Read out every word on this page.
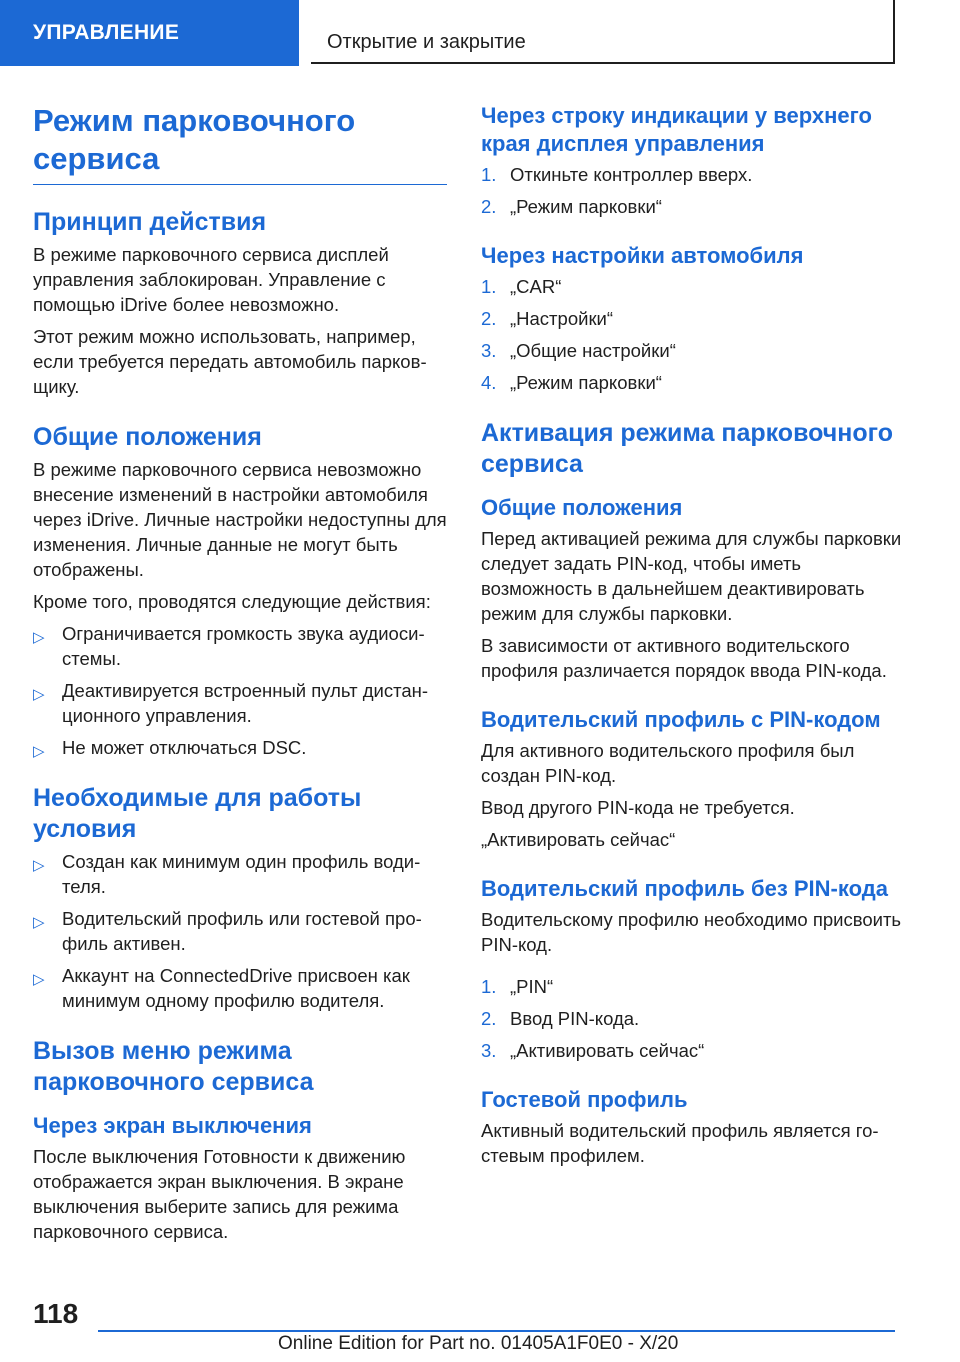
УПРАВЛЕНИЕ	Открытие и закрытие
Режим парковочного сервиса
Принцип действия

В режиме парковочного сервиса дисплей управления заблокирован. Управление с помощью iDrive более невозможно.

Этот режим можно использовать, например, если требуется передать автомобиль парковщику.

Общие положения

В режиме парковочного сервиса невозможно внесение изменений в настройки автомобиля через iDrive. Личные настройки недоступны для изменения. Личные данные не могут быть отображены.

Кроме того, проводятся следующие действия:

▷ Ограничивается громкость звука аудиосистемы.
▷ Деактивируется встроенный пульт дистанционного управления.
▷ Не может отключаться DSC.
Необходимые для работы условия
▷ Создан как минимум один профиль водителя.
▷ Водительский профиль или гостевой профиль активен.
▷ Аккаунт на ConnectedDrive присвоен как минимум одному профилю водителя.
Вызов меню режима парковочного сервиса
Через экран выключения

После выключения Готовности к движению отображается экран выключения. В экране выключения выберите запись для режима парковочного сервиса.

Через строку индикации у верхнего края дисплея управления
1. Откиньте контроллер вверх.
2. „Режим парковки“
Через настройки автомобиля
1. „CAR“
2. „Настройки“
3. „Общие настройки“
4. „Режим парковки“
Активация режима парковочного сервиса
Общие положения

Перед активацией режима для службы парковки следует задать PIN-код, чтобы иметь возможность в дальнейшем деактивировать режим для службы парковки.

В зависимости от активного водительского профиля различается порядок ввода PIN-кода.

Водительский профиль с PIN-кодом

Для активного водительского профиля был создан PIN-код.

Ввод другого PIN-кода не требуется.

„Активировать сейчас“

Водительский профиль без PIN-кода

Водительскому профилю необходимо присвоить PIN-код.

1. „PIN“
2. Ввод PIN-кода.
3. „Активировать сейчас“
Гостевой профиль

Активный водительский профиль является гостевым профилем.

118
Online Edition for Part no. 01405A1F0E0 - X/20
